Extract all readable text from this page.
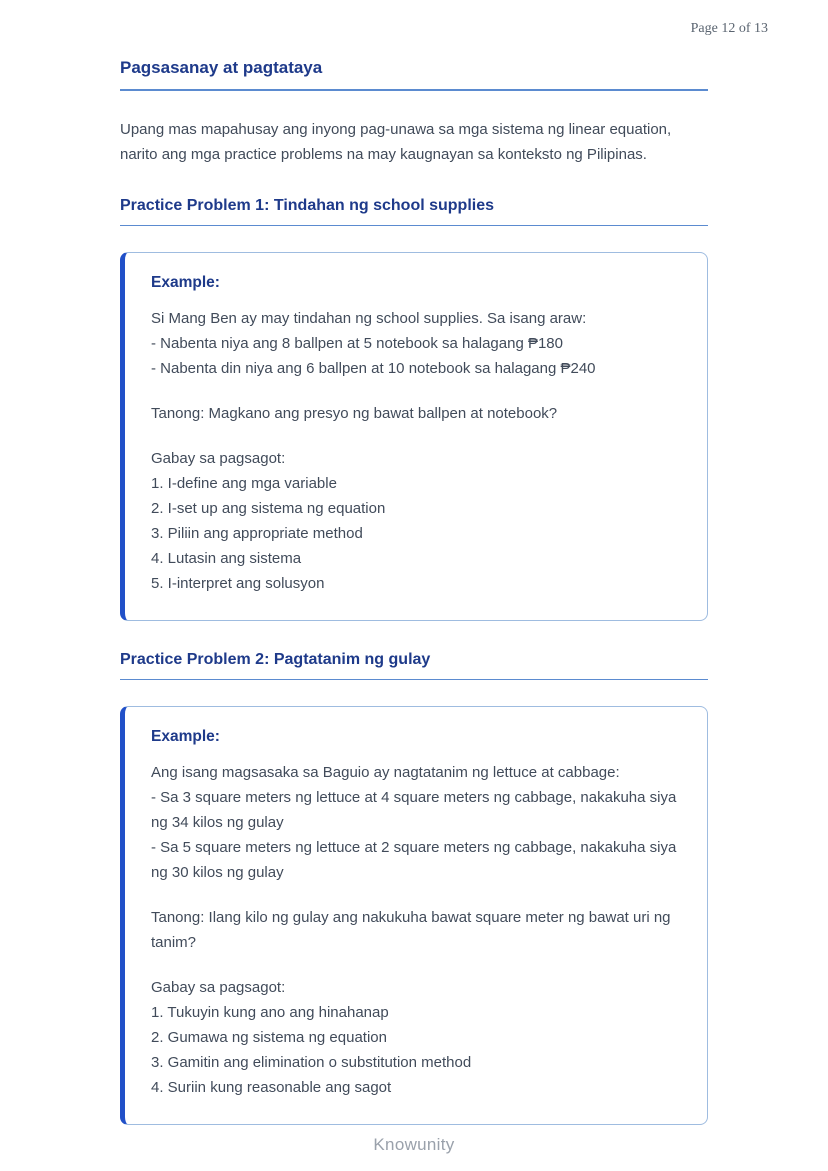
Page 12 of 13
Pagsasanay at pagtataya
Upang mas mapahusay ang inyong pag-unawa sa mga sistema ng linear equation, narito ang mga practice problems na may kaugnayan sa konteksto ng Pilipinas.
Practice Problem 1: Tindahan ng school supplies
Example:
Si Mang Ben ay may tindahan ng school supplies. Sa isang araw:
- Nabenta niya ang 8 ballpen at 5 notebook sa halagang ₱180
- Nabenta din niya ang 6 ballpen at 10 notebook sa halagang ₱240
Tanong: Magkano ang presyo ng bawat ballpen at notebook?
Gabay sa pagsagot:
1. I-define ang mga variable
2. I-set up ang sistema ng equation
3. Piliin ang appropriate method
4. Lutasin ang sistema
5. I-interpret ang solusyon
Practice Problem 2: Pagtatanim ng gulay
Example:
Ang isang magsasaka sa Baguio ay nagtatanim ng lettuce at cabbage:
- Sa 3 square meters ng lettuce at 4 square meters ng cabbage, nakakuha siya ng 34 kilos ng gulay
- Sa 5 square meters ng lettuce at 2 square meters ng cabbage, nakakuha siya ng 30 kilos ng gulay
Tanong: Ilang kilo ng gulay ang nakukuha bawat square meter ng bawat uri ng tanim?
Gabay sa pagsagot:
1. Tukuyin kung ano ang hinahanap
2. Gumawa ng sistema ng equation
3. Gamitin ang elimination o substitution method
4. Suriin kung reasonable ang sagot
Knowunity
